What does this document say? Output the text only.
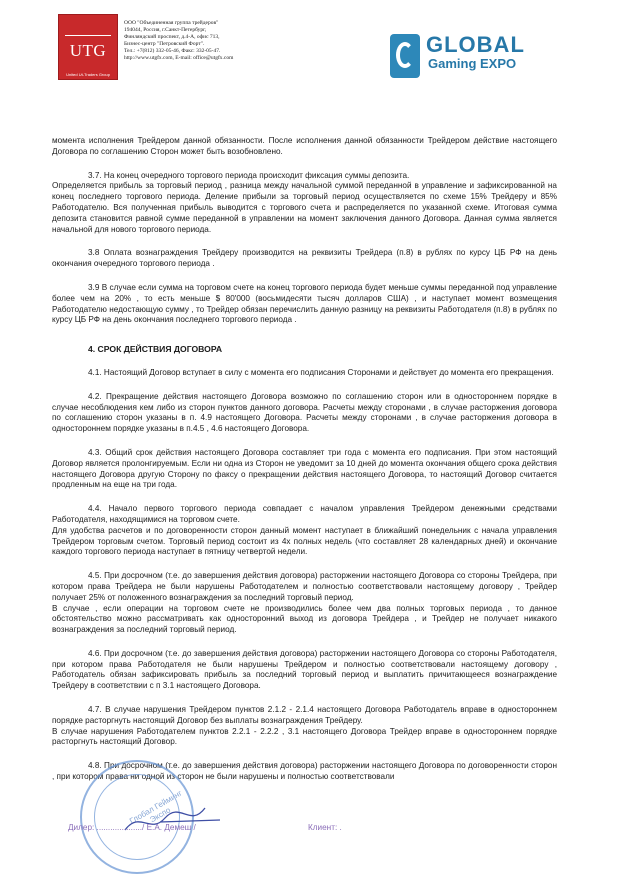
UTG
United Ut-Traders Group
ООО "Объединенная группа трейдеров"
194044, Россия, г.Санкт-Петербург,
Финляндский проспект, д.4-А, офис 713,
Бизнес-центр "Петровский Форт".
Тел.: +7(812) 332-05-46, Факс: 332-05-47.
http://www.utgfx.com, E-mail: office@utgfx.com
GLOBAL
Gaming EXPO

момента исполнения Трейдером данной обязанности. После исполнения данной обязанности Трейдером действие настоящего Договора по соглашению Сторон может быть возобновлено.

3.7. На конец очередного торгового периода происходит фиксация суммы депозита.

Определяется прибыль за торговый период , разница между начальной суммой переданной в управление и зафиксированной на конец последнего торгового периода. Деление прибыли за торговый период осуществляется по схеме 15% Трейдеру и 85% Работодателю. Вся полученная прибыль выводится с торгового счета и распределяется по указанной схеме. Итоговая сумма депозита становится равной сумме переданной в управлении на момент заключения данного Договора. Данная сумма является начальной для нового торгового периода.

3.8 Оплата вознаграждения Трейдеру производится на реквизиты Трейдера (п.8) в рублях по курсу ЦБ РФ на день окончания очередного торгового периода .

3.9 В случае если сумма на торговом счете на конец торгового периода будет меньше суммы переданной под управление более чем на 20% , то есть меньше $ 80'000 (восьмидесяти тысяч долларов США) , и наступает момент возмещения Работодателю недостающую сумму , то Трейдер обязан перечислить данную разницу на реквизиты Работодателя (п.8) в рублях по курсу ЦБ РФ на день окончания последнего торгового периода .

4. СРОК ДЕЙСТВИЯ ДОГОВОРА

4.1. Настоящий Договор вступает в силу с момента его подписания Сторонами и действует до момента его прекращения.

4.2. Прекращение действия настоящего Договора возможно по соглашению сторон или в одностороннем порядке в случае несоблюдения кем либо из сторон пунктов данного договора. Расчеты между сторонами , в случае расторжения договора по соглашению сторон указаны в п. 4.9 настоящего Договора. Расчеты между сторонами , в случае расторжения договора в одностороннем порядке указаны в п.4.5 , 4.6 настоящего Договора.

4.3. Общий срок действия настоящего Договора составляет три года с момента его подписания. При этом настоящий Договор является пролонгируемым. Если ни одна из Сторон не уведомит за 10 дней до момента окончания общего срока действия настоящего Договора другую Сторону по факсу о прекращении действия настоящего Договора, то настоящий Договор считается продленным на еще на три года.

4.4. Начало первого торгового периода совпадает с началом управления Трейдером денежными средствами Работодателя, находящимися на торговом счете.

Для удобства расчетов и по договоренности сторон данный момент наступает в ближайший понедельник с начала управления Трейдером торговым счетом. Торговый период состоит из 4х полных недель (что составляет 28 календарных дней) и окончание каждого торгового периода наступает в пятницу четвертой недели.

4.5. При досрочном (т.е. до завершения действия договора) расторжении настоящего Договора со стороны Трейдера, при котором права Трейдера не были нарушены Работодателем и полностью соответствовали настоящему договору , Трейдер получает 25% от положенного вознаграждения за последний торговый период.

В случае , если операции на торговом счете не производились более чем два полных торговых периода , то данное обстоятельство можно рассматривать как односторонний выход из договора Трейдера , и Трейдер не получает никакого вознаграждения за последний торговый период.

4.6. При досрочном (т.е. до завершения действия договора) расторжении настоящего Договора со стороны Работодателя, при котором права Работодателя не были нарушены Трейдером и полностью соответствовали настоящему договору , Работодатель обязан зафиксировать прибыль за последний торговый период и выплатить причитающееся вознаграждение Трейдеру в соответствии с п 3.1 настоящего Договора.

4.7. В случае нарушения Трейдером пунктов 2.1.2 - 2.1.4 настоящего Договора Работодатель вправе в одностороннем порядке расторгнуть настоящий Договор без выплаты вознаграждения Трейдеру.

В случае нарушения Работодателем пунктов 2.2.1 - 2.2.2 , 3.1 настоящего Договора Трейдер вправе в одностороннем порядке расторгнуть настоящий Договор.

4.8. При досрочном (т.е. до завершения действия договора) расторжении настоящего Договора по договоренности сторон , при котором права ни одной из сторон не были нарушены и полностью соответствовали

Глобал Гейминг Экспо
Дилер: ..................../ Е.А. Демеш /	Клиент: .
